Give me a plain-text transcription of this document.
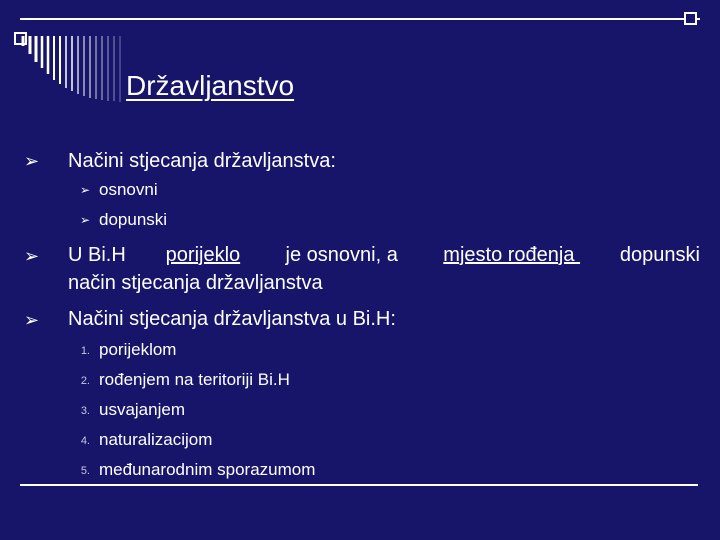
Državljanstvo
➢ Načini stjecanja državljanstva:
➢ osnovni
➢ dopunski
➢ U Bi.H porijeklo je osnovni, a mjesto rođenja dopunski
način stjecanja državljanstva
➢ Načini stjecanja državljanstva u Bi.H:
1. porijeklom
2. rođenjem na teritoriji Bi.H
3. usvajanjem
4. naturalizacijom
5. međunarodnim sporazumom
